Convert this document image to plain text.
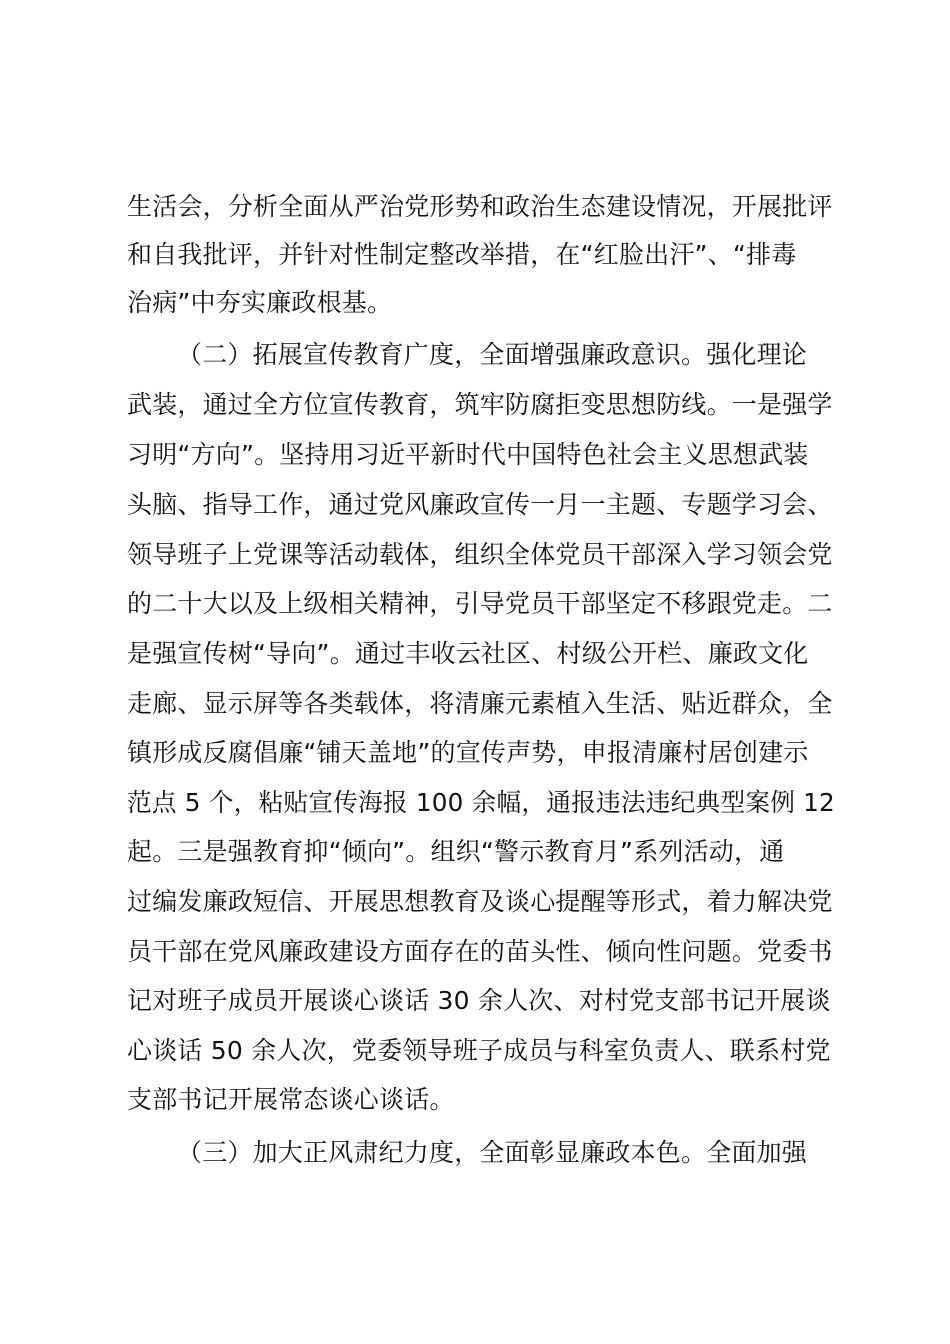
生活会，分析全面从严治党形势和政治生态建设情况，开展批评
和自我批评，并针对性制定整改举措，在“红脸出汗”、“排毒
治病”中夯实廉政根基。
（二）拓展宣传教育广度，全面增强廉政意识。强化理论
武装，通过全方位宣传教育，筑牢防腐拒变思想防线。一是强学
习明“方向”。坚持用习近平新时代中国特色社会主义思想武装
头脑、指导工作，通过党风廉政宣传一月一主题、专题学习会、
领导班子上党课等活动载体，组织全体党员干部深入学习领会党
的二十大以及上级相关精神，引导党员干部坚定不移跟党走。二
是强宣传树“导向”。通过丰收云社区、村级公开栏、廉政文化
走廊、显示屏等各类载体，将清廉元素植入生活、贴近群众，全
镇形成反腐倡廉“铺天盖地”的宣传声势，申报清廉村居创建示
范点 5 个，粘贴宣传海报 100 余幅，通报违法违纪典型案例 12
起。三是强教育抑“倾向”。组织“警示教育月”系列活动，通
过编发廉政短信、开展思想教育及谈心提醒等形式，着力解决党
员干部在党风廉政建设方面存在的苗头性、倾向性问题。党委书
记对班子成员开展谈心谈话 30 余人次、对村党支部书记开展谈
心谈话 50 余人次，党委领导班子成员与科室负责人、联系村党
支部书记开展常态谈心谈话。
（三）加大正风肃纪力度，全面彰显廉政本色。全面加强
